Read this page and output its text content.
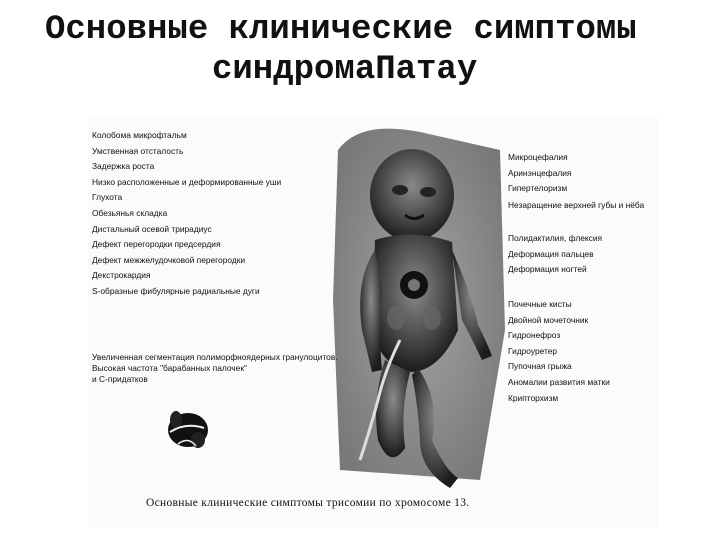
Основные клинические симптомы
синдромаПатау
Колобома микрофтальм
Умственная отсталость
Задержка роста
Низко расположенные и деформированные уши
Глухота
Обезьянья складка
Дистальный осевой трирадиус
Дефект перегородки предсердия
Дефект межжелудочковой перегородки
Декстрокардия
S-образные фибулярные радиальные дуги
Увеличенная сегментация полиморфноядерных гранулоцитов.
Высокая частота "барабанных палочек"
и С-придатков
Микроцефалия
Аринэнцефалия
Гипертелоризм
Незаращение верхней губы и нёба
Полидактилия, флексия
Деформация пальцев
Деформация ногтей
Почечные кисты
Двойной мочеточник
Гидронефроз
Гидроуретер
Пупочная грыжа
Аномалии развития матки
Крипторхизм
Основные клинические симптомы трисомии по хромосоме 13.
